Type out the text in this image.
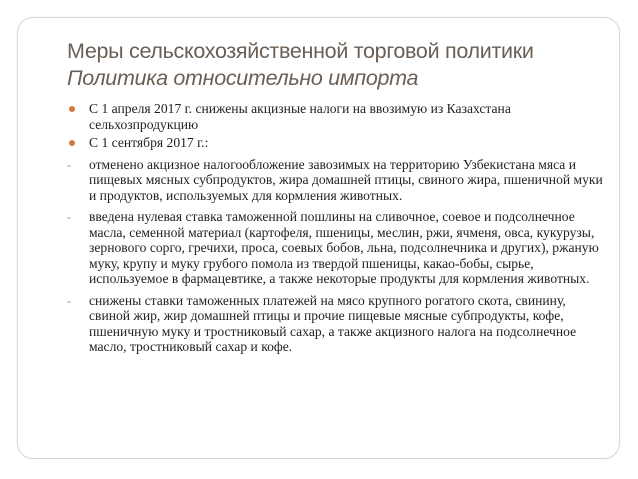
Меры сельскохозяйственной торговой политики
Политика относительно импорта
С 1 апреля 2017 г. снижены акцизные налоги на ввозимую из Казахстана сельхозпродукцию
С 1 сентября 2017 г.:
-	отменено акцизное налогообложение завозимых на территорию Узбекистана мяса и пищевых мясных субпродуктов, жира домашней птицы, свиного жира, пшеничной муки и продуктов, используемых для кормления животных.
-	введена нулевая ставка таможенной пошлины на сливочное, соевое и подсолнечное масла, семенной материал (картофеля, пшеницы, меслин, ржи, ячменя, овса, кукурузы, зернового сорго, гречихи, проса, соевых бобов, льна, подсолнечника и других), ржаную муку, крупу и муку грубого помола из твердой пшеницы, какао-бобы, сырье, используемое в фармацевтике, а также некоторые продукты для кормления животных.
-	снижены ставки таможенных платежей на мясо крупного рогатого скота, свинину, свиной жир, жир домашней птицы и прочие пищевые мясные субпродукты, кофе, пшеничную муку и тростниковый сахар, а также акцизного налога на подсолнечное масло, тростниковый сахар и кофе.
